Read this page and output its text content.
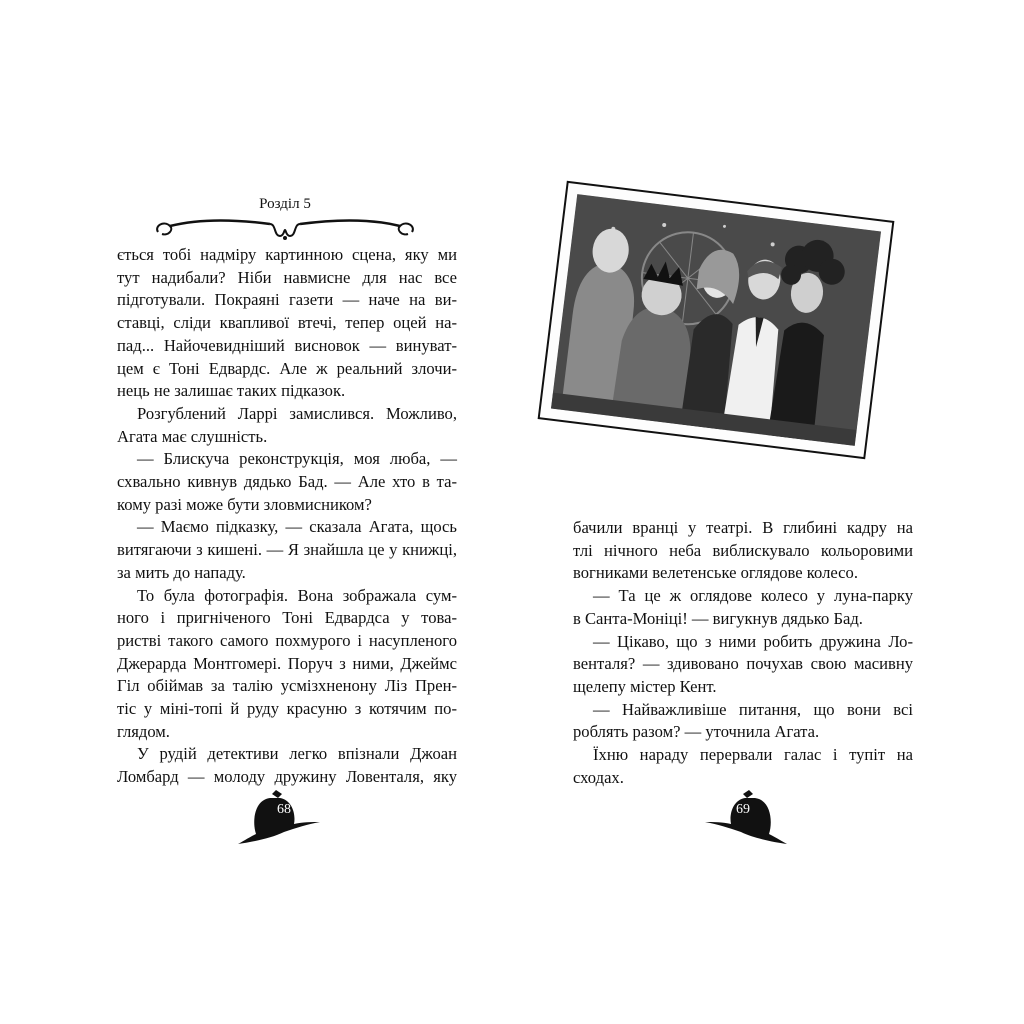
Розділ 5
ється тобі надміру картинною сцена, яку ми
тут надибали? Ніби навмисне для нас все
підготували. Покраяні газети — наче на ви-
ставці, сліди квапливої втечі, тепер оцей на-
пад... Найочевидніший висновок — винуват-
цем є Тоні Едвардс. Але ж реальний злочи-
нець не залишає таких підказок.
Розгублений Ларрі замислився. Можливо,
Агата має слушність.
— Блискуча реконструкція, моя люба, —
схвально кивнув дядько Бад. — Але хто в та-
кому разі може бути зловмисником?
— Маємо підказку, — сказала Агата, щось
витягаючи з кишені. — Я знайшла це у книжці,
за мить до нападу.
То була фотографія. Вона зображала сум-
ного і пригніченого Тоні Едвардса у това-
ристві такого самого похмурого і насупленого
Джерарда Монтгомері. Поруч з ними, Джеймс
Гіл обіймав за талію усмізхненону Ліз Прен-
тіс у міні-топі й руду красуню з котячим по-
глядом.
У рудій детективи легко впізнали Джоан
Ломбард — молоду дружину Ловенталя, яку
68
бачили вранці у театрі. В глибині кадру на
тлі нічного неба виблискувало кольоровими
вогниками велетенське оглядове колесо.
— Та це ж оглядове колесо у луна-парку
в Санта-Моніці! — вигукнув дядько Бад.
— Цікаво, що з ними робить дружина Ло-
венталя? — здивовано почухав свою масивну
щелепу містер Кент.
— Найважливіше питання, що вони всі
роблять разом? — уточнила Агата.
Їхню нараду перервали галас і тупіт на
сходах.
69
